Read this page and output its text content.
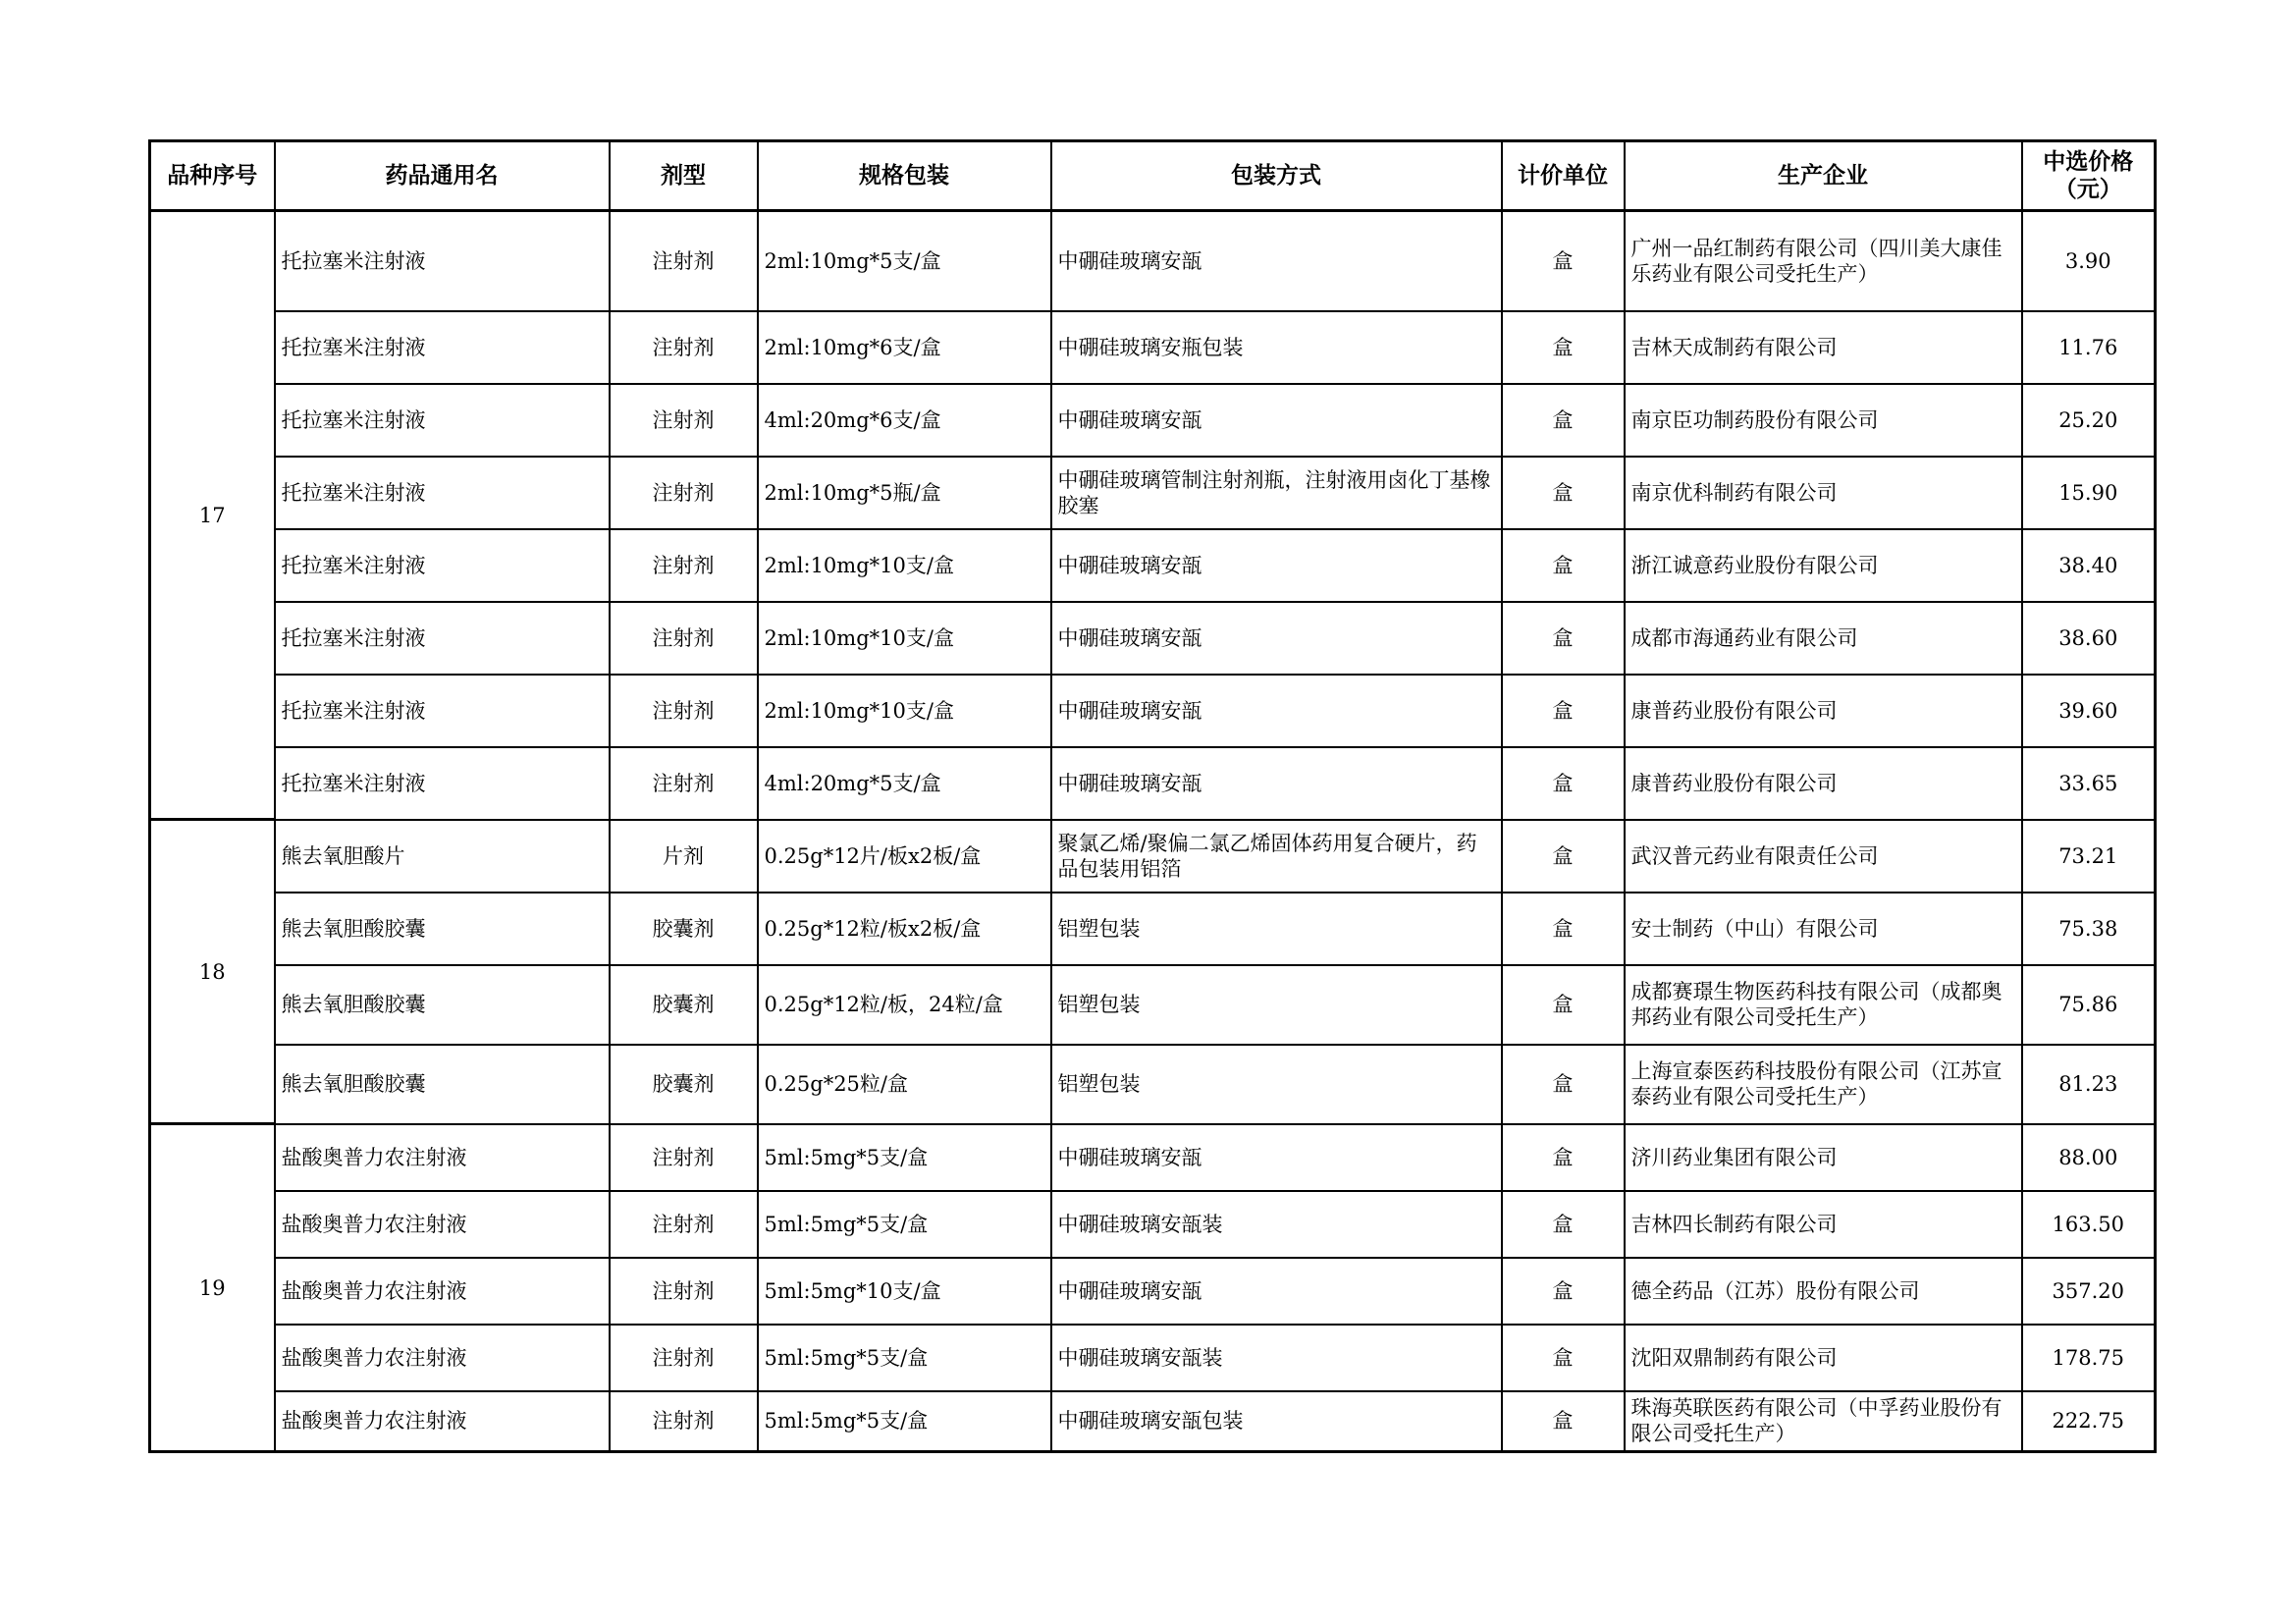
品种序号	药品通用名	剂型	规格包装	包装方式	计价单位	生产企业	中选价格
（元）
17	托拉塞米注射液	注射剂	2ml:10mg*5支/盒	中硼硅玻璃安瓿	盒	广州一品红制药有限公司（四川美大康佳乐药业有限公司受托生产）	3.90
	托拉塞米注射液	注射剂	2ml:10mg*6支/盒	中硼硅玻璃安瓶包装	盒	吉林天成制药有限公司	11.76
	托拉塞米注射液	注射剂	4ml:20mg*6支/盒	中硼硅玻璃安瓿	盒	南京臣功制药股份有限公司	25.20
	托拉塞米注射液	注射剂	2ml:10mg*5瓶/盒	中硼硅玻璃管制注射剂瓶，注射液用卤化丁基橡胶塞	盒	南京优科制药有限公司	15.90
	托拉塞米注射液	注射剂	2ml:10mg*10支/盒	中硼硅玻璃安瓿	盒	浙江诚意药业股份有限公司	38.40
	托拉塞米注射液	注射剂	2ml:10mg*10支/盒	中硼硅玻璃安瓿	盒	成都市海通药业有限公司	38.60
	托拉塞米注射液	注射剂	2ml:10mg*10支/盒	中硼硅玻璃安瓿	盒	康普药业股份有限公司	39.60
	托拉塞米注射液	注射剂	4ml:20mg*5支/盒	中硼硅玻璃安瓿	盒	康普药业股份有限公司	33.65
18	熊去氧胆酸片	片剂	0.25g*12片/板x2板/盒	聚氯乙烯/聚偏二氯乙烯固体药用复合硬片，药品包装用铝箔	盒	武汉普元药业有限责任公司	73.21
	熊去氧胆酸胶囊	胶囊剂	0.25g*12粒/板x2板/盒	铝塑包装	盒	安士制药（中山）有限公司	75.38
	熊去氧胆酸胶囊	胶囊剂	0.25g*12粒/板，24粒/盒	铝塑包装	盒	成都赛璟生物医药科技有限公司（成都奥邦药业有限公司受托生产）	75.86
	熊去氧胆酸胶囊	胶囊剂	0.25g*25粒/盒	铝塑包装	盒	上海宣泰医药科技股份有限公司（江苏宣泰药业有限公司受托生产）	81.23
19	盐酸奥普力农注射液	注射剂	5ml:5mg*5支/盒	中硼硅玻璃安瓿	盒	济川药业集团有限公司	88.00
	盐酸奥普力农注射液	注射剂	5ml:5mg*5支/盒	中硼硅玻璃安瓿装	盒	吉林四长制药有限公司	163.50
	盐酸奥普力农注射液	注射剂	5ml:5mg*10支/盒	中硼硅玻璃安瓿	盒	德全药品（江苏）股份有限公司	357.20
	盐酸奥普力农注射液	注射剂	5ml:5mg*5支/盒	中硼硅玻璃安瓿装	盒	沈阳双鼎制药有限公司	178.75
	盐酸奥普力农注射液	注射剂	5ml:5mg*5支/盒	中硼硅玻璃安瓿包装	盒	珠海英联医药有限公司（中孚药业股份有限公司受托生产）	222.75
